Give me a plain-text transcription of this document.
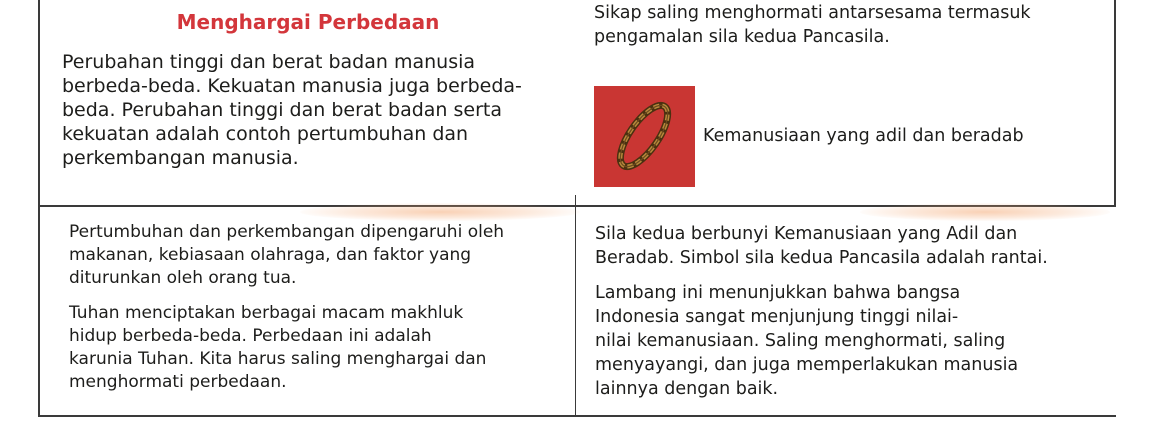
Menghargai Perbedaan
Perubahan tinggi dan berat badan manusia
berbeda-beda. Kekuatan manusia juga berbeda-
beda. Perubahan tinggi dan berat badan serta
kekuatan adalah contoh pertumbuhan dan
perkembangan manusia.
Sikap saling menghormati antarsesama termasuk
pengamalan sila kedua Pancasila.
Kemanusiaan yang adil dan beradab
Pertumbuhan dan perkembangan dipengaruhi oleh
makanan, kebiasaan olahraga, dan faktor yang
diturunkan oleh orang tua.
Tuhan menciptakan berbagai macam makhluk
hidup berbeda-beda. Perbedaan ini adalah
karunia Tuhan. Kita harus saling menghargai dan
menghormati perbedaan.
Sila kedua berbunyi Kemanusiaan yang Adil dan
Beradab. Simbol sila kedua Pancasila adalah rantai.
Lambang ini menunjukkan bahwa bangsa
Indonesia sangat menjunjung tinggi nilai-
nilai kemanusiaan. Saling menghormati, saling
menyayangi, dan juga memperlakukan manusia
lainnya dengan baik.
